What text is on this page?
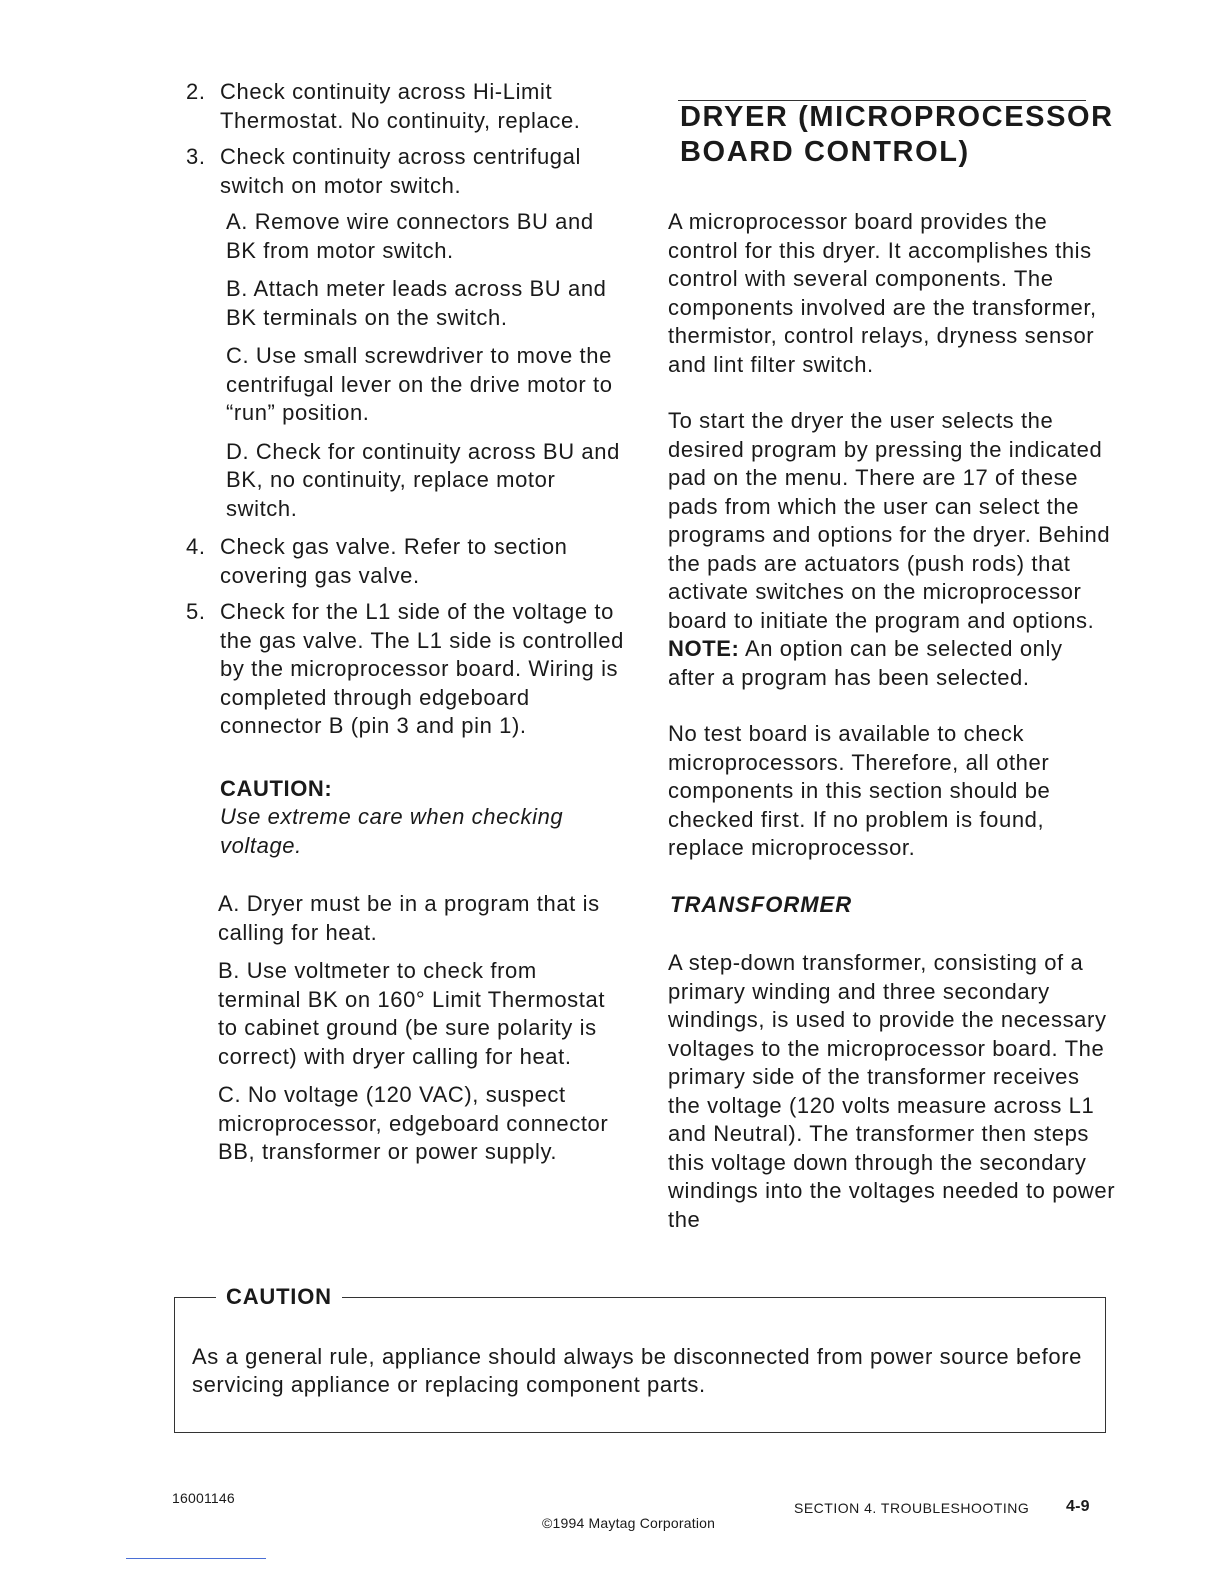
2. Check continuity across Hi-Limit Thermostat. No continuity, replace.
3. Check continuity across centrifugal switch on motor switch.
A. Remove wire connectors BU and BK from motor switch.
B. Attach meter leads across BU and BK terminals on the switch.
C. Use small screwdriver to move the centrifugal lever on the drive motor to “run” position.
D. Check for continuity across BU and BK, no continuity, replace motor switch.
4. Check gas valve. Refer to section covering gas valve.
5. Check for the L1 side of the voltage to the gas valve. The L1 side is controlled by the microprocessor board. Wiring is completed through edgeboard connector B (pin 3 and pin 1).
CAUTION:
Use extreme care when checking voltage.
A. Dryer must be in a program that is calling for heat.
B. Use voltmeter to check from terminal BK on 160° Limit Thermostat to cabinet ground (be sure polarity is correct) with dryer calling for heat.
C. No voltage (120 VAC), suspect microprocessor, edgeboard connector BB, transformer or power supply.
DRYER (MICROPROCESSOR BOARD CONTROL)

A microprocessor board provides the control for this dryer. It accomplishes this control with several components. The components involved are the transformer, thermistor, control relays, dryness sensor and lint filter switch.

To start the dryer the user selects the desired program by pressing the indicated pad on the menu. There are 17 of these pads from which the user can select the programs and options for the dryer. Behind the pads are actuators (push rods) that activate switches on the microprocessor board to initiate the program and options. NOTE: An option can be selected only after a program has been selected.

No test board is available to check microprocessors. Therefore, all other components in this section should be checked first. If no problem is found, replace microprocessor.

TRANSFORMER

A step-down transformer, consisting of a primary winding and three secondary windings, is used to provide the necessary voltages to the microprocessor board. The primary side of the transformer receives the voltage (120 volts measure across L1 and Neutral). The transformer then steps this voltage down through the secondary windings into the voltages needed to power the

CAUTION
As a general rule, appliance should always be disconnected from power source before servicing appliance or replacing component parts.
16001146
©1994 Maytag Corporation
SECTION 4. TROUBLESHOOTING 4-9
